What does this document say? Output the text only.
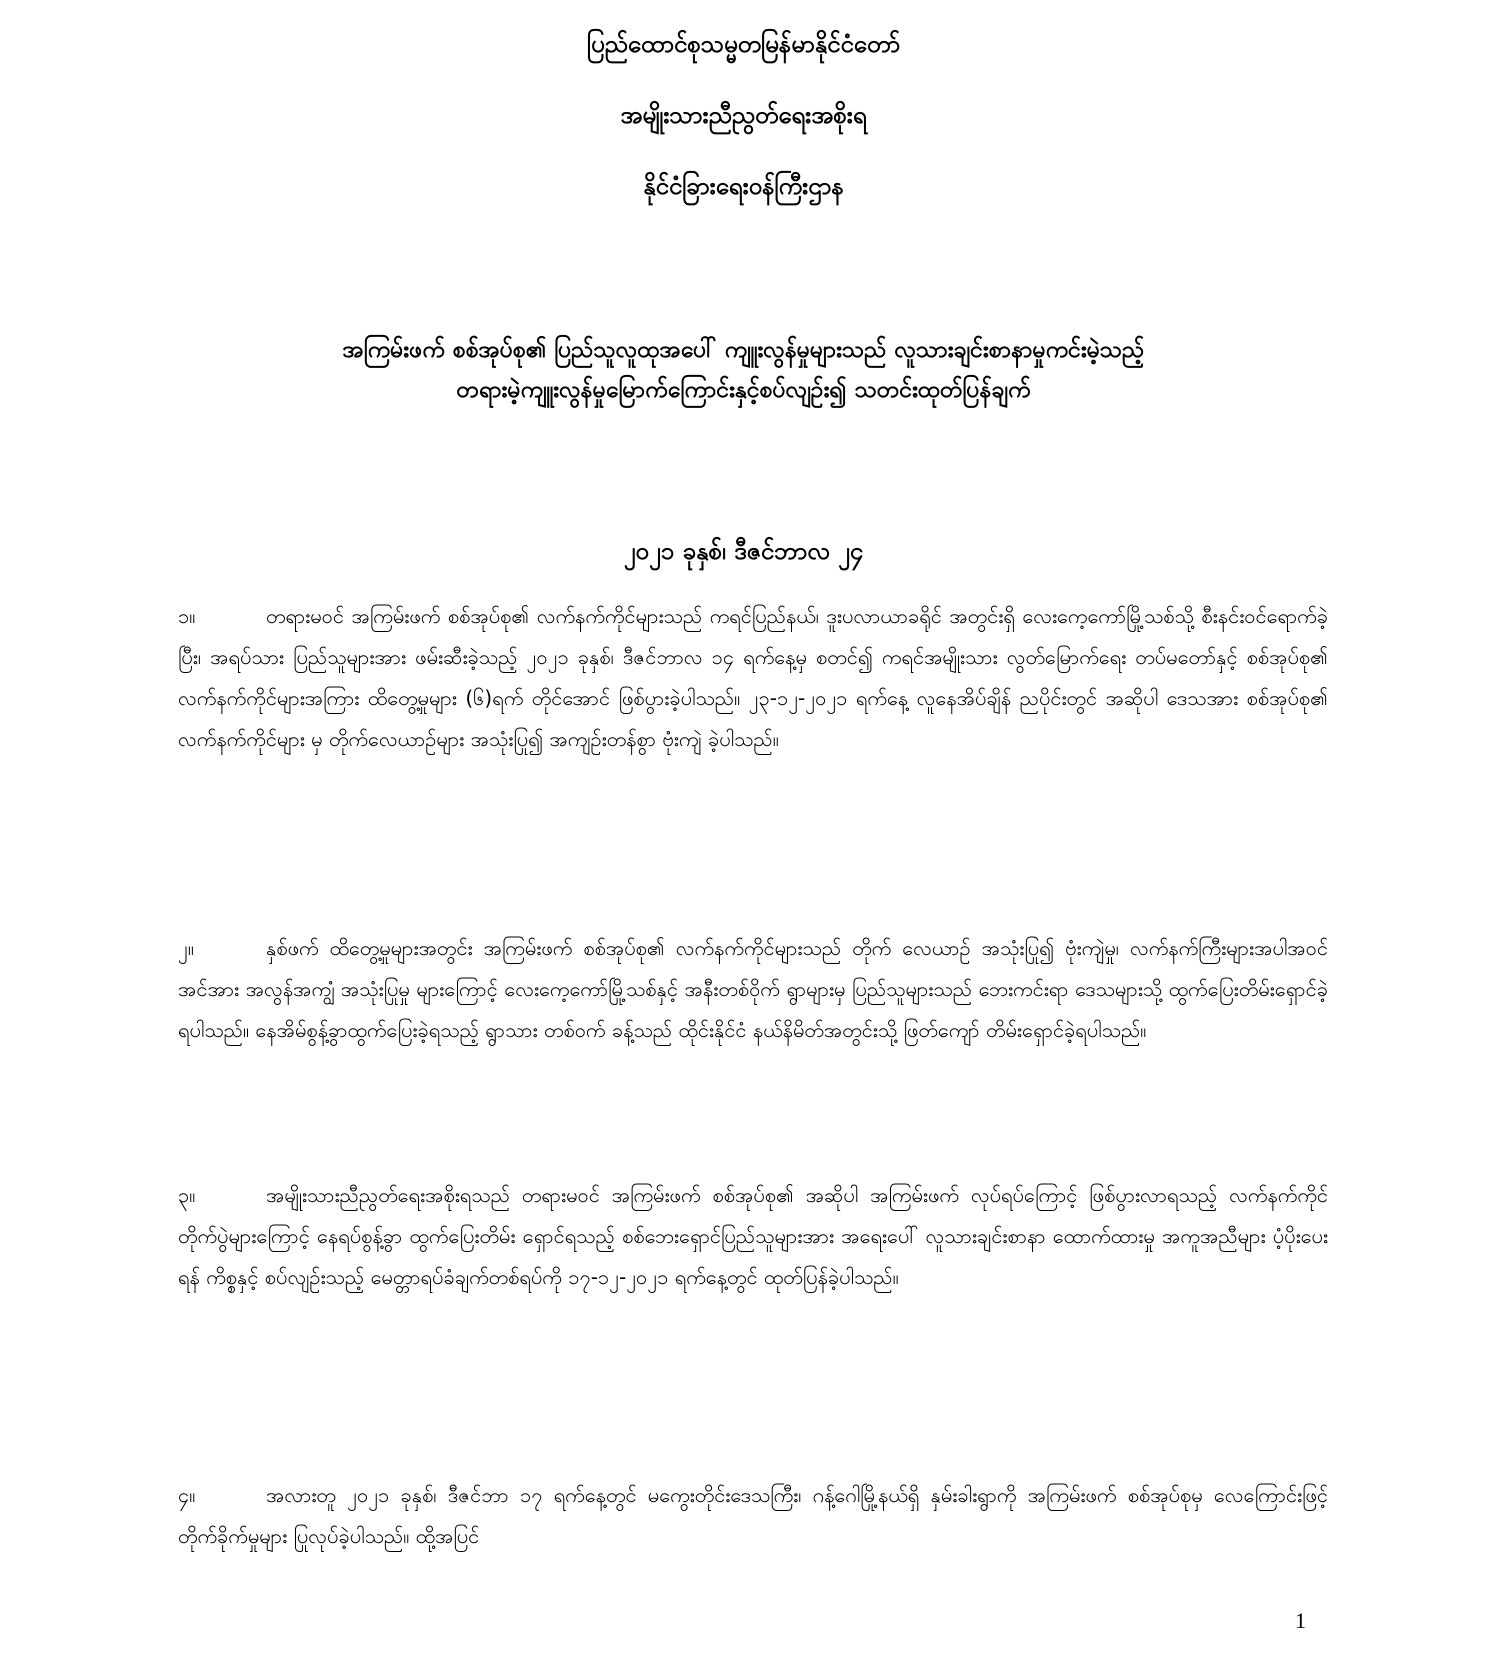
ပြည်ထောင်စုသမ္မတမြန်မာနိုင်ငံတော်
အမျိုးသားညီညွတ်ရေးအစိုးရ
နိုင်ငံခြားရေးဝန်ကြီးဌာန
အကြမ်းဖက် စစ်အုပ်စု၏ ပြည်သူလူထုအပေါ် ကျူးလွန်မှုများသည် လူသားချင်းစာနာမှုကင်းမဲ့သည့်
တရားမဲ့ကျူးလွန်မှုမြောက်ကြောင်းနှင့်စပ်လျဉ်း၍ သတင်းထုတ်ပြန်ချက်
၂၀၂၁ ခုနှစ်၊ ဒီဇင်ဘာလ ၂၄
၁။	တရားမဝင် အကြမ်းဖက် စစ်အုပ်စု၏ လက်နက်ကိုင်များသည် ကရင်ပြည်နယ်၊ ဒူးပလာယာခရိုင် အတွင်းရှိ လေးကေ့ကော်မြို့သစ်သို့ စီးနင်းဝင်ရောက်ခဲ့ပြီး၊ အရပ်သား ပြည်သူများအား ဖမ်းဆီးခဲ့သည့် ၂၀၂၁ ခုနှစ်၊ ဒီဇင်ဘာလ ၁၄ ရက်နေ့မှ စတင်၍ ကရင်အမျိုးသား လွတ်မြောက်ရေး တပ်မတော်နှင့် စစ်အုပ်စု၏ လက်နက်ကိုင်များအကြား ထိတွေ့မှုများ (၆)ရက် တိုင်အောင် ဖြစ်ပွားခဲ့ပါသည်။ ၂၃-၁၂-၂၀၂၁ ရက်နေ့ လူနေအိပ်ချိန် ညပိုင်းတွင် အဆိုပါ ဒေသအား စစ်အုပ်စု၏ လက်နက်ကိုင်များ မှ တိုက်လေယာဉ်များ အသုံးပြု၍ အကျဉ်းတန်စွာ ဗုံးကျဲ ခဲ့ပါသည်။
၂။	နှစ်ဖက် ထိတွေ့မှုများအတွင်း အကြမ်းဖက် စစ်အုပ်စု၏ လက်နက်ကိုင်များသည် တိုက် လေယာဉ် အသုံးပြု၍ ဗုံးကျဲမှု၊ လက်နက်ကြီးများအပါအဝင် အင်အား အလွန်အကျွံ အသုံးပြုမှု များကြောင့် လေးကေ့ကော်မြို့သစ်နှင့် အနီးတစ်ဝိုက် ရွာများမှ ပြည်သူများသည် ဘေးကင်းရာ ဒေသများသို့ ထွက်ပြေးတိမ်းရှောင်ခဲ့ရပါသည်။ နေအိမ်စွန့်ခွာထွက်ပြေးခဲ့ရသည့် ရွာသား တစ်ဝက် ခန့်သည် ထိုင်းနိုင်ငံ နယ်နိမိတ်အတွင်းသို့ ဖြတ်ကျော် တိမ်းရှောင်ခဲ့ရပါသည်။
၃။	အမျိုးသားညီညွတ်ရေးအစိုးရသည် တရားမဝင် အကြမ်းဖက် စစ်အုပ်စု၏ အဆိုပါ အကြမ်းဖက် လုပ်ရပ်ကြောင့် ဖြစ်ပွားလာရသည့် လက်နက်ကိုင်တိုက်ပွဲများကြောင့် နေရပ်စွန့်ခွာ ထွက်ပြေးတိမ်း ရှောင်ရသည့် စစ်ဘေးရှောင်ပြည်သူများအား အရေးပေါ် လူသားချင်းစာနာ ထောက်ထားမှု အကူအညီများ ပံ့ပိုးပေးရန် ကိစ္စနှင့် စပ်လျဉ်းသည့် မေတ္တာရပ်ခံချက်တစ်ရပ်ကို ၁၇-၁၂-၂၀၂၁ ရက်နေ့တွင် ထုတ်ပြန်ခဲ့ပါသည်။
၄။	အလားတူ ၂၀၂၁ ခုနှစ်၊ ဒီဇင်ဘာ ၁၇ ရက်နေ့တွင် မကွေးတိုင်းဒေသကြီး၊ ဂန့်ဂေါမြို့နယ်ရှိ နှမ်းခါးရွာကို အကြမ်းဖက် စစ်အုပ်စုမှ လေကြောင်းဖြင့် တိုက်ခိုက်မှုများ ပြုလုပ်ခဲ့ပါသည်။ ထို့အပြင်
1
